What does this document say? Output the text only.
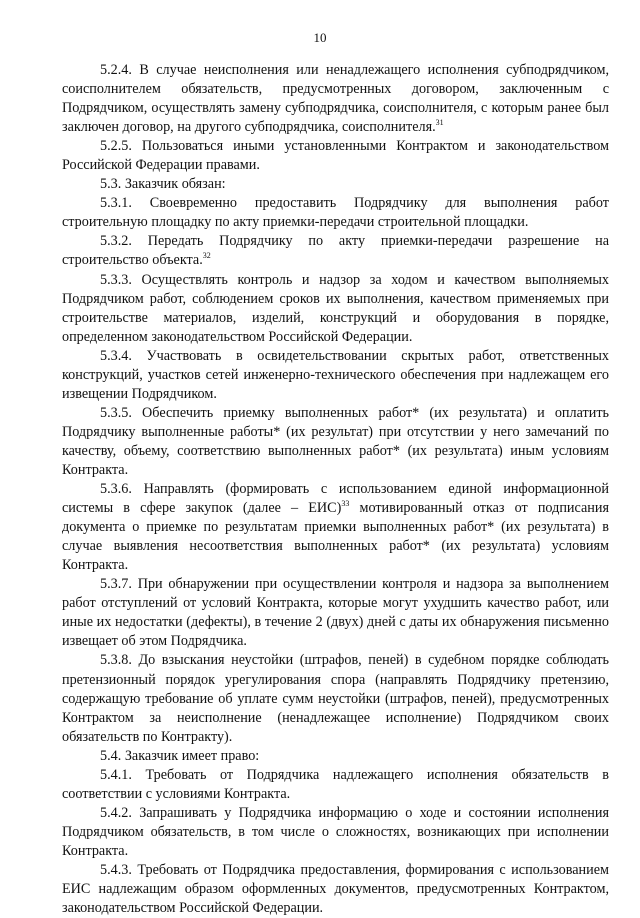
10

5.2.4. В случае неисполнения или ненадлежащего исполнения субподрядчиком, соисполнителем обязательств, предусмотренных договором, заключенным с Подрядчиком, осуществлять замену субподрядчика, соисполнителя, с которым ранее был заключен договор, на другого субподрядчика, соисполнителя.$^{31}$

5.2.5. Пользоваться иными установленными Контрактом и законодательством Российской Федерации правами.

5.3. Заказчик обязан:

5.3.1. Своевременно предоставить Подрядчику для выполнения работ строительную площадку по акту приемки-передачи строительной площадки.

5.3.2. Передать Подрядчику по акту приемки-передачи разрешение на строительство объекта.$^{32}$

5.3.3. Осуществлять контроль и надзор за ходом и качеством выполняемых Подрядчиком работ, соблюдением сроков их выполнения, качеством применяемых при строительстве материалов, изделий, конструкций и оборудования в порядке, определенном законодательством Российской Федерации.

5.3.4. Участвовать в освидетельствовании скрытых работ, ответственных конструкций, участков сетей инженерно-технического обеспечения при надлежащем его извещении Подрядчиком.

5.3.5. Обеспечить приемку выполненных работ* (их результата) и оплатить Подрядчику выполненные работы* (их результат) при отсутствии у него замечаний по качеству, объему, соответствию выполненных работ* (их результата) иным условиям Контракта.

5.3.6. Направлять (формировать с использованием единой информационной системы в сфере закупок (далее – ЕИС)$^{33}$ мотивированный отказ от подписания документа о приемке по результатам приемки выполненных работ* (их результата) в случае выявления несоответствия выполненных работ* (их результата) условиям Контракта.

5.3.7. При обнаружении при осуществлении контроля и надзора за выполнением работ отступлений от условий Контракта, которые могут ухудшить качество работ, или иные их недостатки (дефекты), в течение 2 (двух) дней с даты их обнаружения письменно извещает об этом Подрядчика.

5.3.8. До взыскания неустойки (штрафов, пеней) в судебном порядке соблюдать претензионный порядок урегулирования спора (направлять Подрядчику претензию, содержащую требование об уплате сумм неустойки (штрафов, пеней), предусмотренных Контрактом за неисполнение (ненадлежащее исполнение) Подрядчиком своих обязательств по Контракту).

5.4. Заказчик имеет право:

5.4.1. Требовать от Подрядчика надлежащего исполнения обязательств в соответствии с условиями Контракта.

5.4.2. Запрашивать у Подрядчика информацию о ходе и состоянии исполнения Подрядчиком обязательств, в том числе о сложностях, возникающих при исполнении Контракта.

5.4.3. Требовать от Подрядчика предоставления, формирования с использованием ЕИС надлежащим образом оформленных документов, предусмотренных Контрактом, законодательством Российской Федерации.
